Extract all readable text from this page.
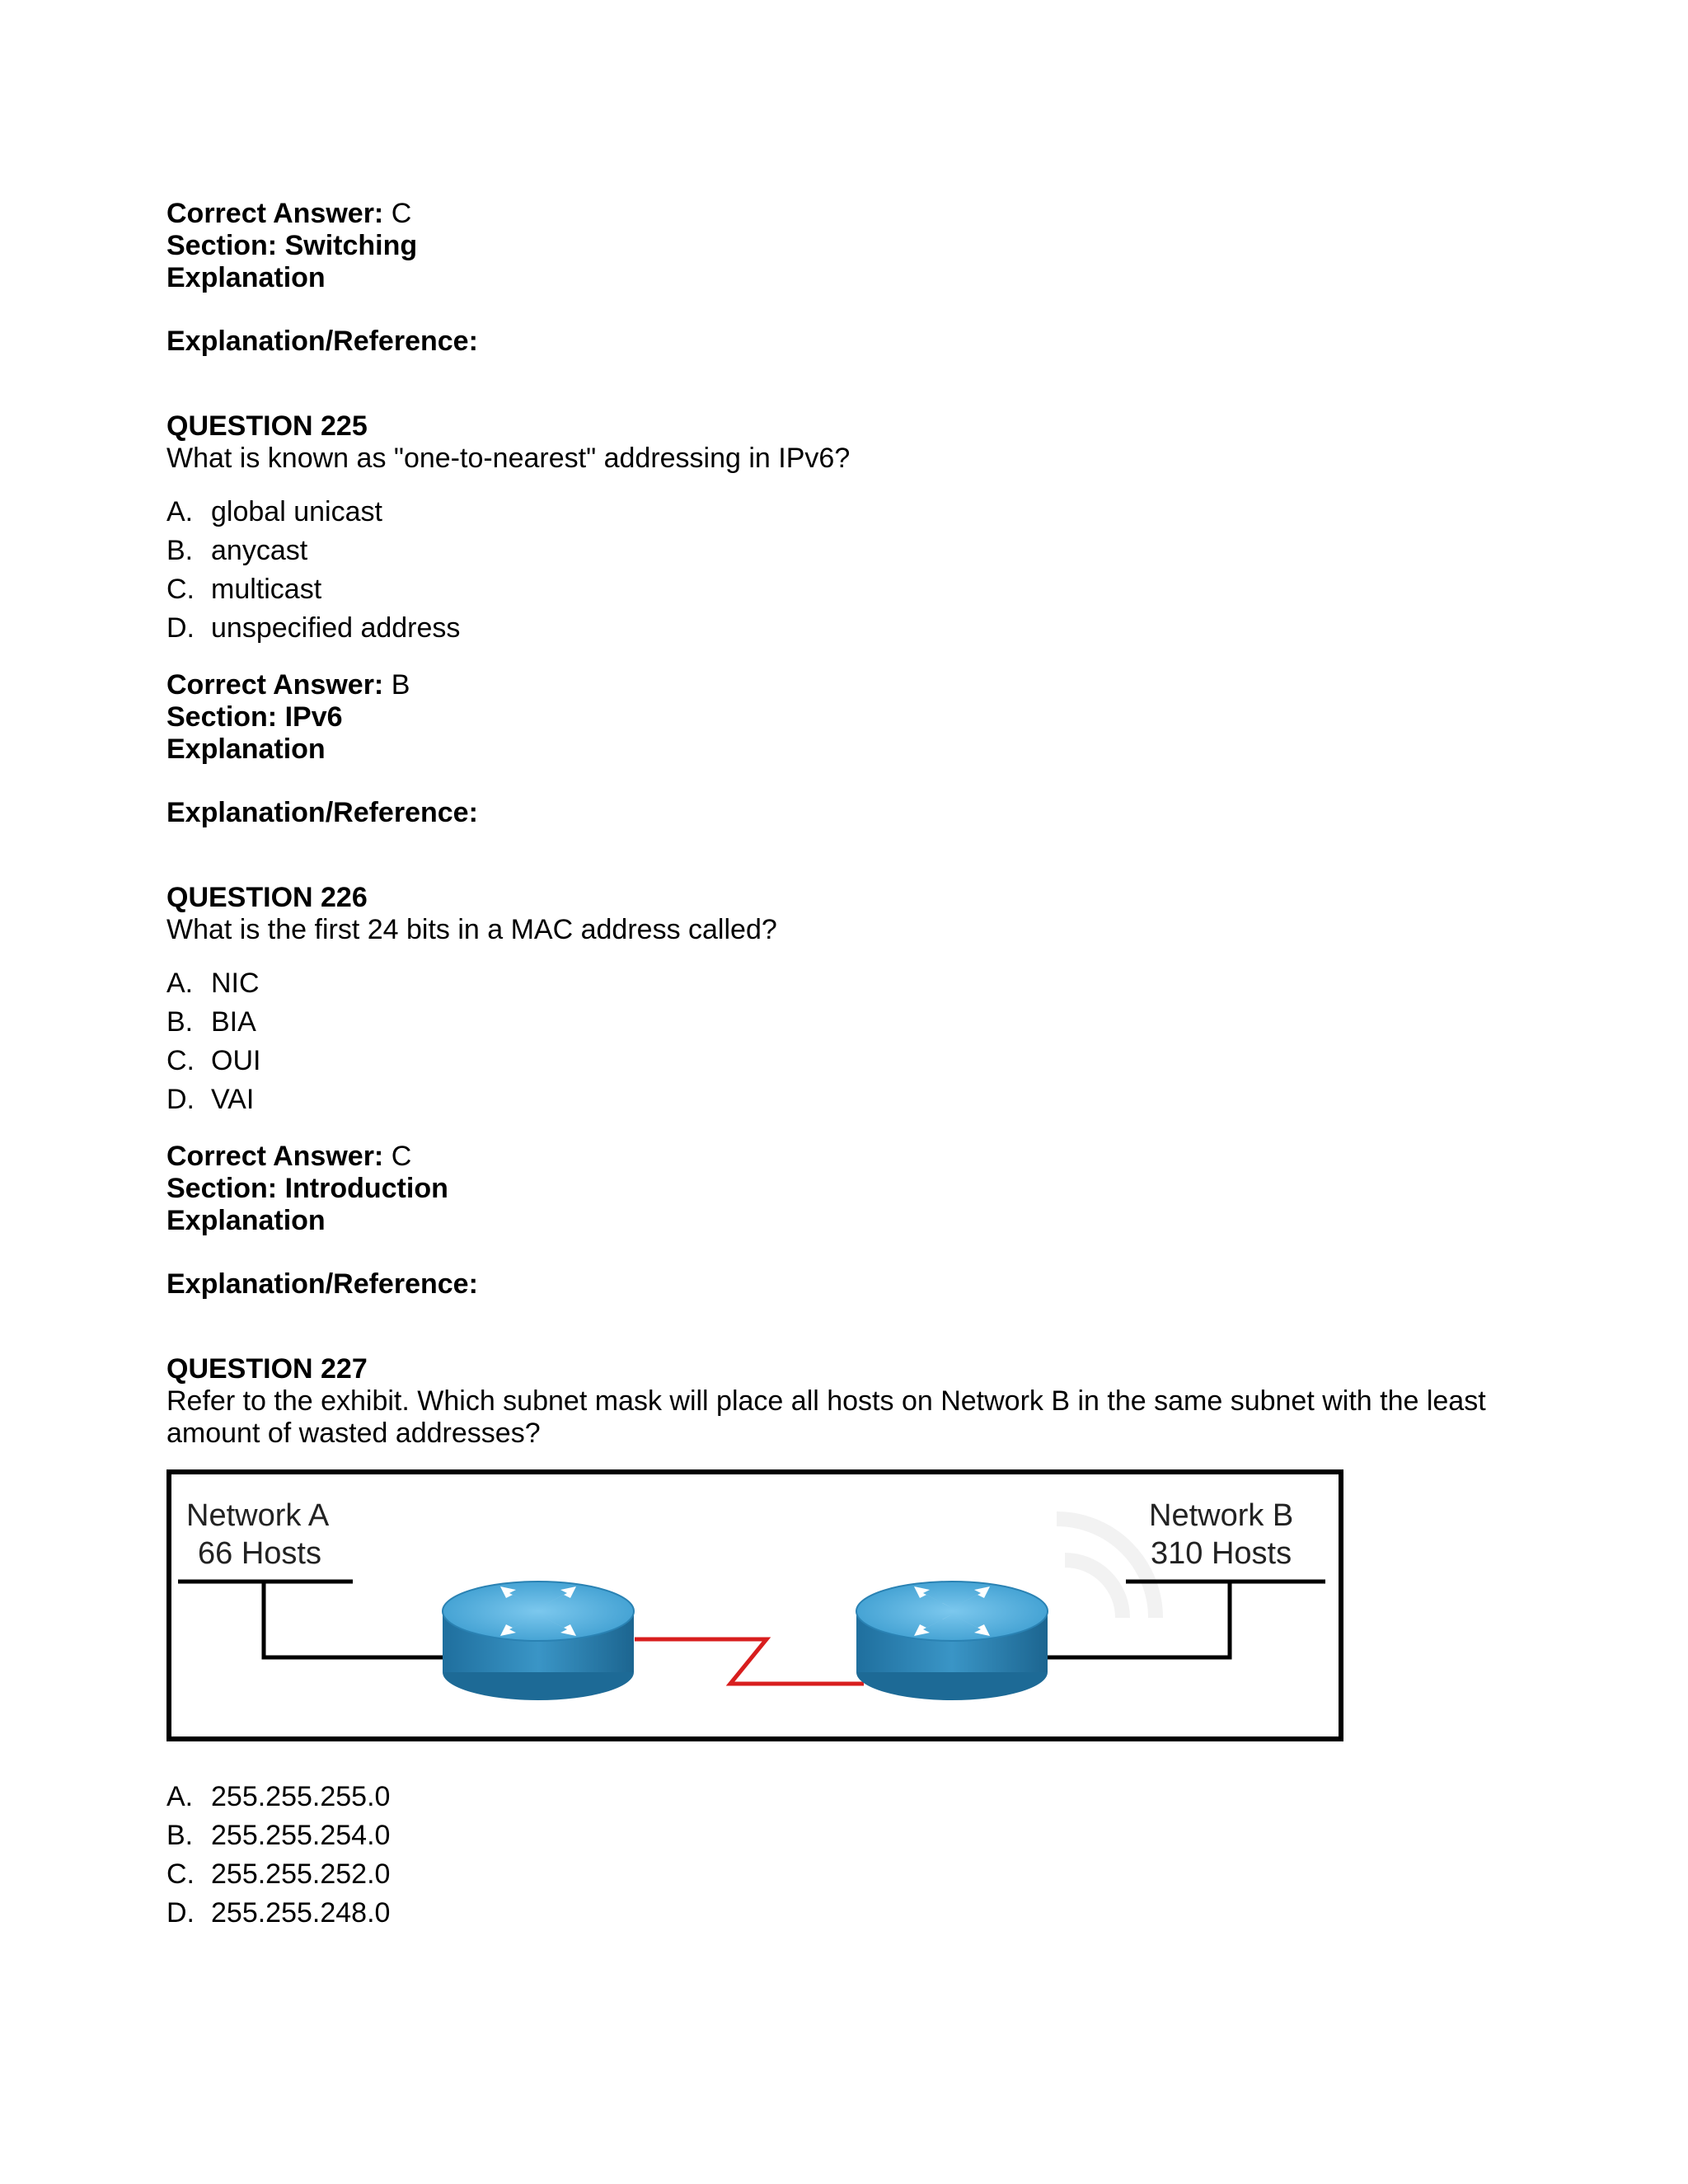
Correct Answer: C
Section: Switching
Explanation
Explanation/Reference:
QUESTION 225
What is known as "one-to-nearest" addressing in IPv6?
A. global unicast
B. anycast
C. multicast
D. unspecified address
Correct Answer: B
Section: IPv6
Explanation
Explanation/Reference:
QUESTION 226
What is the first 24 bits in a MAC address called?
A. NIC
B. BIA
C. OUI
D. VAI
Correct Answer: C
Section: Introduction
Explanation
Explanation/Reference:
QUESTION 227
Refer to the exhibit. Which subnet mask will place all hosts on Network B in the same subnet with the least
amount of wasted addresses?
Network A
66 Hosts
Network B
310 Hosts
A. 255.255.255.0
B. 255.255.254.0
C. 255.255.252.0
D. 255.255.248.0
